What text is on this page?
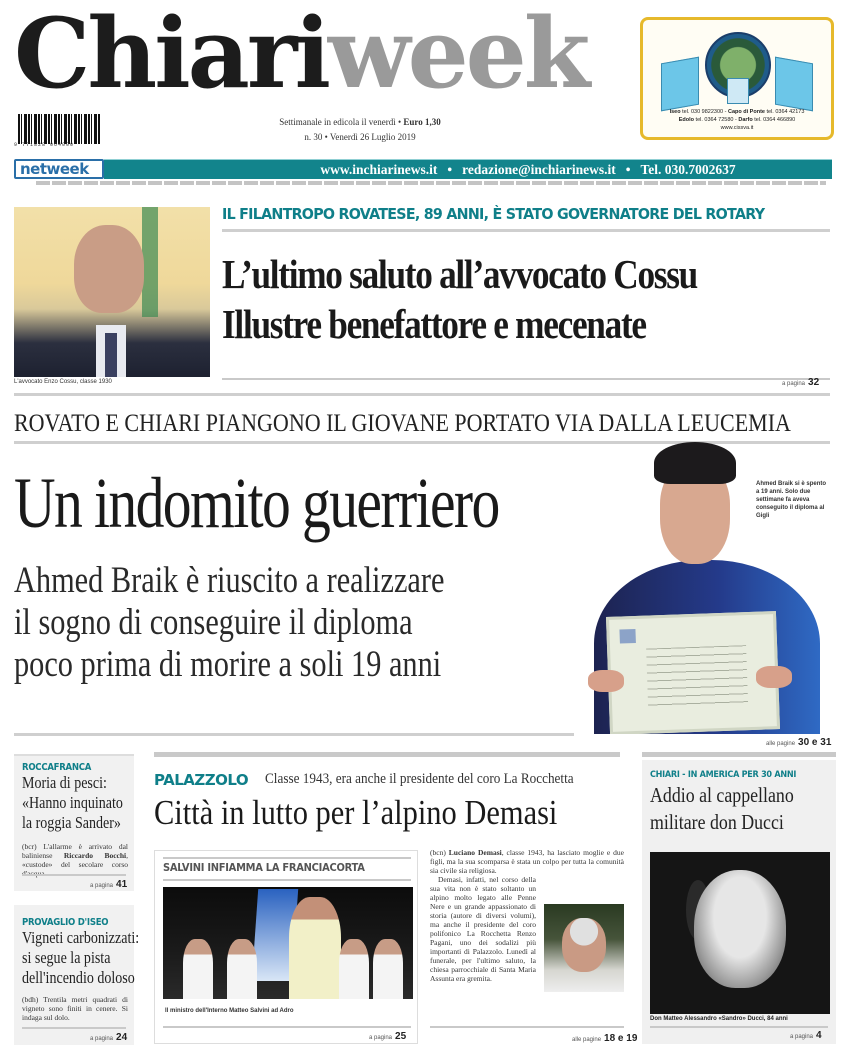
Chiariweek
9 771828 064000
Settimanale in edicola il venerdì • Euro 1,30
n. 30 • Venerdì 26 Luglio 2019
Iseo tel. 030 9822300 - Capo di Ponte tel. 0364 42173
Edolo tel. 0364 72580 - Darfo tel. 0364 466890
www.cissva.it
netweek	www.inchiarinews.it • redazione@inchiarinews.it • Tel. 030.7002637
L'avvocato Enzo Cossu, classe 1930
IL FILANTROPO ROVATESE, 89 ANNI, È STATO GOVERNATORE DEL ROTARY
L’ultimo saluto all’avvocato Cossu
Illustre benefattore e mecenate
a pagina 32
ROVATO E CHIARI PIANGONO IL GIOVANE PORTATO VIA DALLA LEUCEMIA
Ahmed Braik si è spento a 19 anni. Solo due settimane fa aveva conseguito il diploma al Gigli
Un indomito guerriero
Ahmed Braik è riuscito a realizzare
il sogno di conseguire il diploma
poco prima di morire a soli 19 anni
alle pagine 30 e 31
ROCCAFRANCA
Moria di pesci:
«Hanno inquinato
la roggia Sander»
(bcr) L'allarme è arrivato dal baliniense Riccardo Bocchi, «custode» del secolare corso
a pagina 41
PROVAGLIO D'ISEO
Vigneti carbonizzati:
si segue la pista
dell'incendio doloso
(bdh) Trentila metri quadrati di vigneto sono finiti in cenere. Si indaga sul dolo.
a pagina 24
PALAZZOLO Classe 1943, era anche il presidente del coro La Rocchetta
Città in lutto per l’alpino Demasi
SALVINI INFIAMMA LA FRANCIACORTA
Il ministro dell'Interno Matteo Salvini ad Adro
a pagina 25

(bcn) Luciano Demasi, classe 1943, ha lasciato moglie e due figli, ma la sua scomparsa è stata un colpo per tutta la comunità sia civile sia religiosa.

Demasi, infatti, nel corso della sua vita non è stato soltanto un alpino molto legato alle Penne Nere e un grande appassionato di storia (autore di diversi volumi), ma anche il presidente del coro polifonico La Rocchetta Renzo Pagani, uno dei sodalizi più importanti di Palazzolo. Lunedì al funerale, per l'ultimo saluto, la chiesa parrocchiale di Santa Maria Assunta era gremita.

alle pagine 18 e 19
CHIARI - IN AMERICA PER 30 ANNI
Addio al cappellano
militare don Ducci
Don Matteo Alessandro «Sandro» Ducci, 84 anni
a pagina 4
